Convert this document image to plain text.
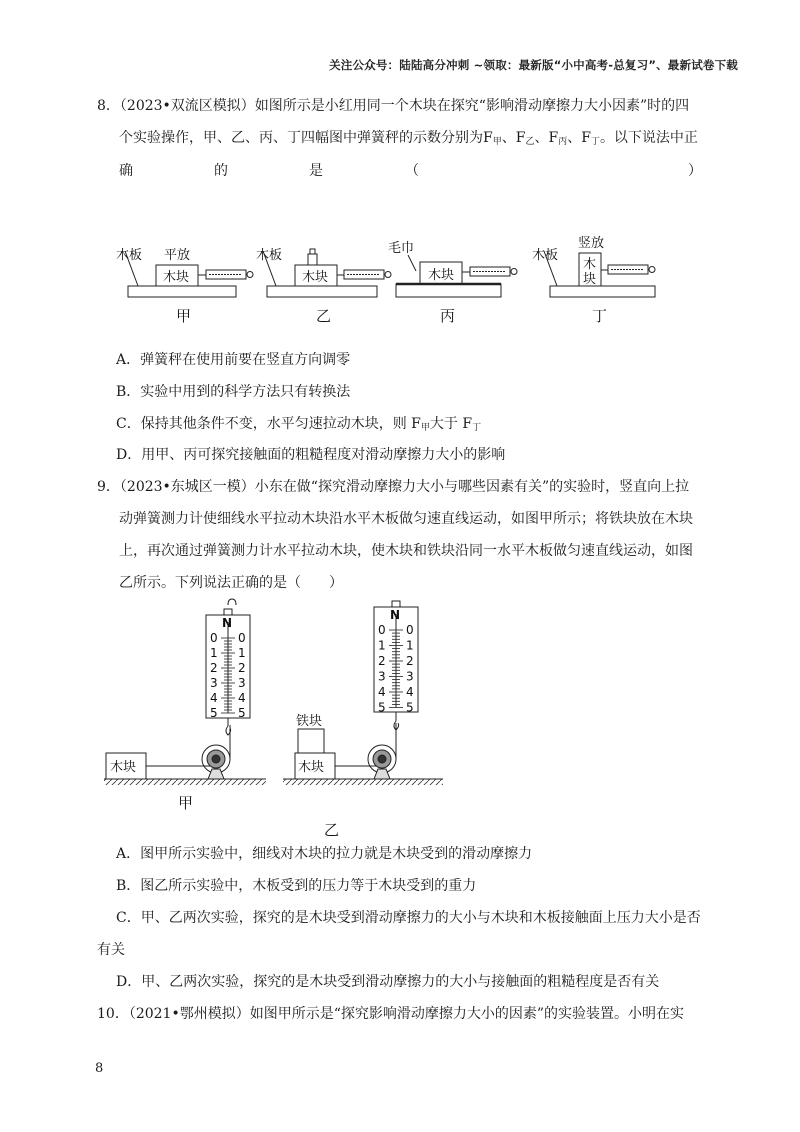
关注公众号：陆陆高分冲刺 ~领取：最新版“小中高考-总复习”、最新试卷下载
8．（2023•双流区模拟）如图所示是小红用同一个木块在探究“影响滑动摩擦力大小因素”时的四
个实验操作，甲、乙、丙、丁四幅图中弹簧秤的示数分别为$F_甲$、$F_乙$、$F_丙$、$F_丁$。以下说法中正
确	的	是	（	）
木板 平放
木块
木板
木块
毛巾
木块
木板
竖放
木
块
甲	乙	丙	丁
A．弹簧秤在使用前要在竖直方向调零
B．实验中用到的科学方法只有转换法
C．保持其他条件不变，水平匀速拉动木块，则 $F_甲$大于 $F_丁$
D．用甲、丙可探究接触面的粗糙程度对滑动摩擦力大小的影响
9．（2023•东城区一模）小东在做“探究滑动摩擦力大小与哪些因素有关”的实验时，竖直向上拉
动弹簧测力计使细线水平拉动木块沿水平木板做匀速直线运动，如图甲所示；将铁块放在木块
上，再次通过弹簧测力计水平拉动木块，使木块和铁块沿同一水平木板做匀速直线运动，如图
乙所示。下列说法正确的是（　　）
N
N
0 0
1 1
2 2
3 3
4 4
5 5
0 0
1 1
2 2
3 3
4 4
5 5
木块	木块
铁块
甲
乙
A．图甲所示实验中，细线对木块的拉力就是木块受到的滑动摩擦力
B．图乙所示实验中，木板受到的压力等于木块受到的重力
C．甲、乙两次实验，探究的是木块受到滑动摩擦力的大小与木块和木板接触面上压力大小是否
有关
D．甲、乙两次实验，探究的是木块受到滑动摩擦力的大小与接触面的粗糙程度是否有关
10．（2021•鄂州模拟）如图甲所示是“探究影响滑动摩擦力大小的因素”的实验装置。小明在实
8
